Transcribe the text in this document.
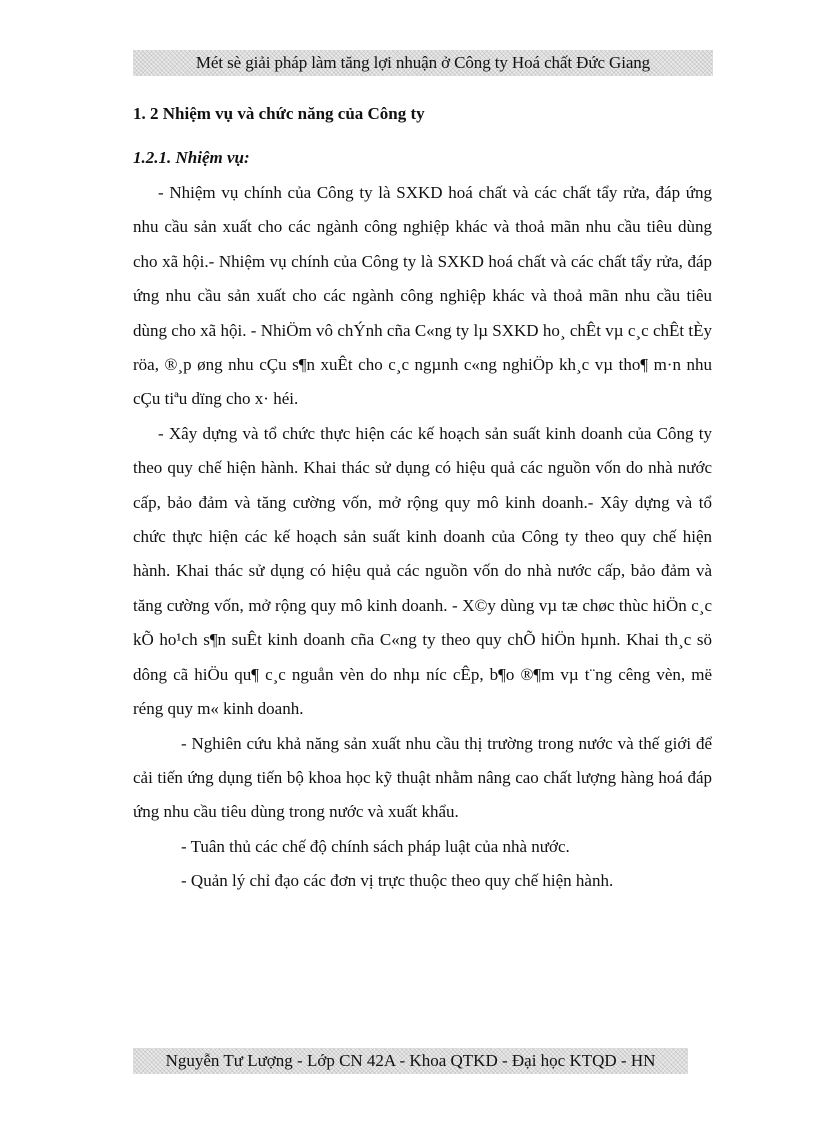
Mét sè giải pháp làm tăng lợi nhuận ở Công ty Hoá chất Đức Giang
1. 2 Nhiệm vụ và chức năng của Công ty
1.2.1. Nhiệm vụ:

- Nhiệm vụ chính của Công ty là SXKD hoá chất và các chất tẩy rửa, đáp ứng nhu cầu sản xuất cho các ngành công nghiệp khác và thoả mãn nhu cầu tiêu dùng cho xã hội.- Nhiệm vụ chính của Công ty là SXKD hoá chất và các chất tẩy rửa, đáp ứng nhu cầu sản xuất cho các ngành công nghiệp khác và thoả mãn nhu cầu tiêu dùng cho xã hội. - NhiÖm vô chÝnh cña C«ng ty lµ SXKD ho¸ chÊt vµ c¸c chÊt tÈy röa, ®¸p øng nhu cÇu s¶n xuÊt cho c¸c ngµnh c«ng nghiÖp kh¸c vµ tho¶ m·n nhu cÇu tiªu dïng cho x· héi.

- Xây dựng và tổ chức thực hiện các kế hoạch sản suất kinh doanh của Công ty theo quy chế hiện hành. Khai thác sử dụng có hiệu quả các nguồn vốn do nhà nước cấp, bảo đảm và tăng cường vốn, mở rộng quy mô kinh doanh.- Xây dựng và tổ chức thực hiện các kế hoạch sản suất kinh doanh của Công ty theo quy chế hiện hành. Khai thác sử dụng có hiệu quả các nguồn vốn do nhà nước cấp, bảo đảm và tăng cường vốn, mở rộng quy mô kinh doanh. - X©y dùng vµ tæ chøc thùc hiÖn c¸c kÕ ho¹ch s¶n suÊt kinh doanh cña C«ng ty theo quy chÕ hiÖn hµnh. Khai th¸c sö dông cã hiÖu qu¶ c¸c nguån vèn do nhµ níc cÊp, b¶o ®¶m vµ t¨ng cêng vèn, më réng quy m« kinh doanh.

- Nghiên cứu khả năng sản xuất nhu cầu thị trường trong nước và thế giới để cải tiến ứng dụng tiến bộ khoa học kỹ thuật nhằm nâng cao chất lượng hàng hoá đáp ứng nhu cầu tiêu dùng trong nước và xuất khẩu.

- Tuân thủ các chế độ chính sách pháp luật của nhà nước.

- Quản lý chỉ đạo các đơn vị trực thuộc theo quy chế hiện hành.

Nguyễn Tư Lượng - Lớp CN 42A - Khoa QTKD - Đại học KTQD - HN
